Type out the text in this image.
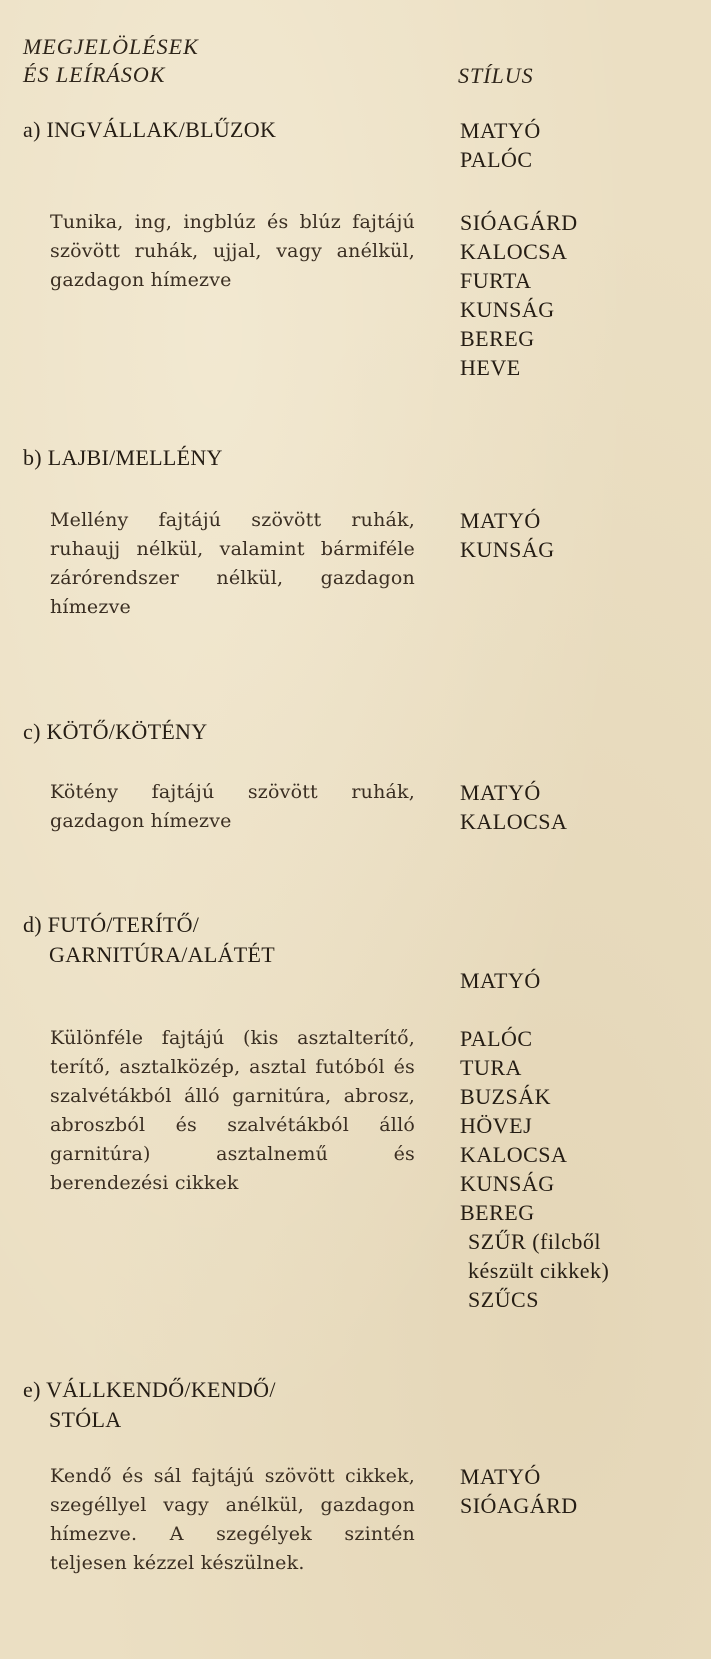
MEGJELÖLÉSEK
ÉS LEÍRÁSOK	STÍLUS
a) INGVÁLLAK/BLŰZOK	MATYÓ
PALÓC
Tunika, ing, ingblúz és blúz fajtájú szövött ruhák, ujjal, vagy anélkül, gazdagon hímezve
SIÓAGÁRD
KALOCSA
FURTA
KUNSÁG
BEREG
HEVE
b) LAJBI/MELLÉNY
Mellény fajtájú szövött ruhák, ruhaujj nélkül, valamint bármiféle zárórendszer nélkül, gazdagon hímezve
MATYÓ
KUNSÁG
c) KÖTŐ/KÖTÉNY
Kötény fajtájú szövött ruhák, gazdagon hímezve
MATYÓ
KALOCSA
d) FUTÓ/TERÍTŐ/
GARNITÚRA/ALÁTÉT
MATYÓ
Különféle fajtájú (kis asztalterítő, terítő, asztalközép, asztal futóból és szalvétákból álló garnitúra, abrosz, abroszból és szalvétákból álló garnitúra) asztalnemű és berendezési cikkek
PALÓC
TURA
BUZSÁK
HÖVEJ
KALOCSA
KUNSÁG
BEREG
SZŰR (filcből
készült cikkek)
SZŰCS
e) VÁLLKENDŐ/KENDŐ/
STÓLA
Kendő és sál fajtájú szövött cikkek, szegéllyel vagy anélkül, gazdagon hímezve. A szegélyek szintén teljesen kézzel készülnek.
MATYÓ
SIÓAGÁRD
